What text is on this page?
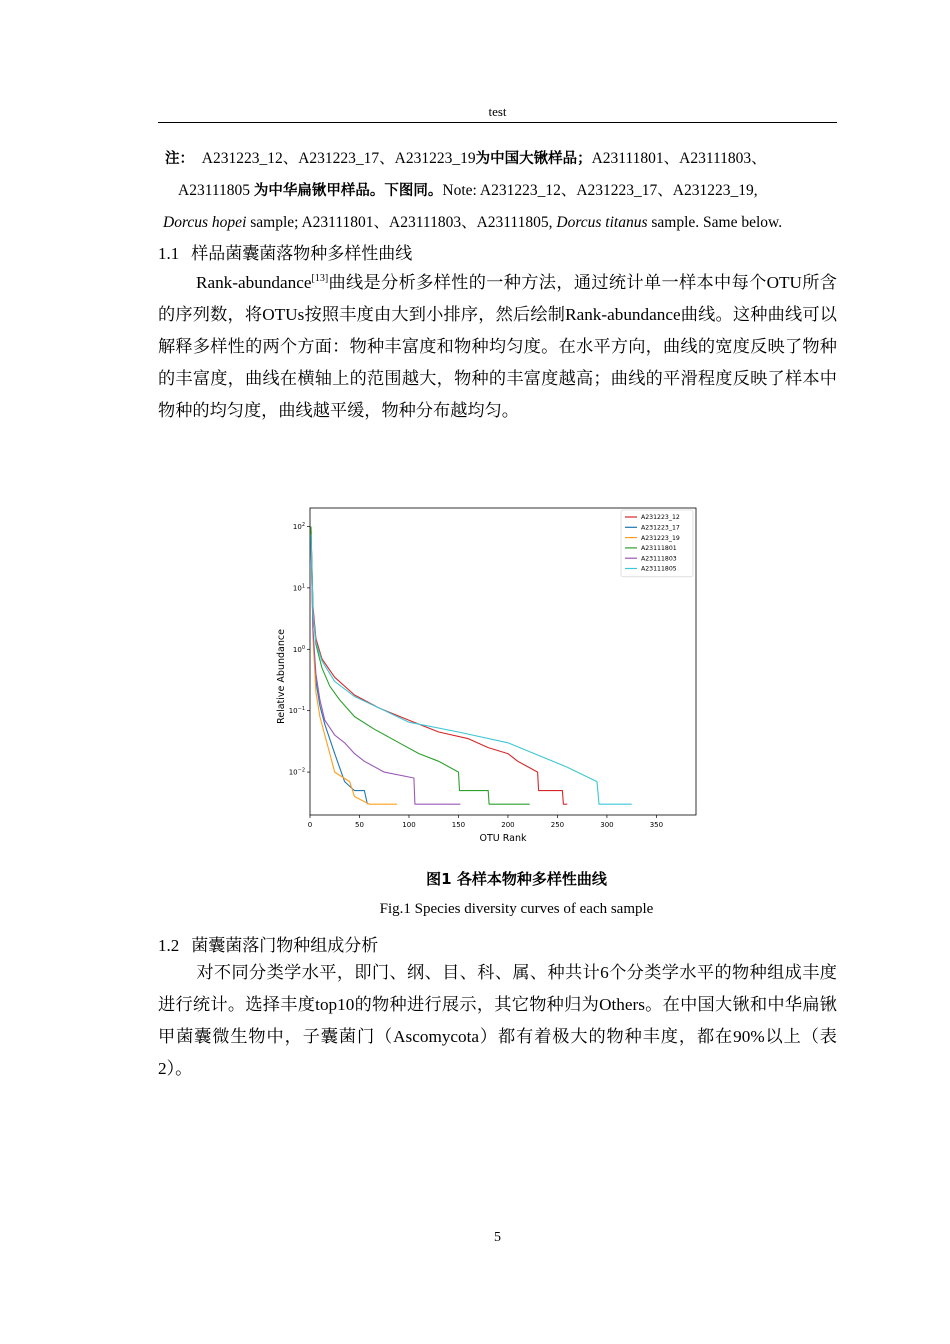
test
注： A231223_12、A231223_17、A231223_19为中国大锹样品；A23111801、A23111803、
A23111805 为中华扁锹甲样品。下图同。Note: A231223_12、A231223_17、A231223_19,
Dorcus hopei sample; A23111801、A23111803、A23111805, Dorcus titanus sample. Same below.
1.1 样品菌囊菌落物种多样性曲线
Rank-abundance[13]曲线是分析多样性的一种方法，通过统计单一样本中每个OTU所含的序列数，将OTUs按照丰度由大到小排序，然后绘制Rank-abundance曲线。这种曲线可以解释多样性的两个方面：物种丰富度和物种均匀度。在水平方向，曲线的宽度反映了物种的丰富度，曲线在横轴上的范围越大，物种的丰富度越高；曲线的平滑程度反映了样本中物种的均匀度，曲线越平缓，物种分布越均匀。
0	50	100	150	200	250	300	350
$10^2$
$10^1$
$10^0$
$10^{-1}$
$10^{-2}$
OTU Rank
Relative Abundance
A231223_12
A231223_17
A231223_19
A23111801
A23111803
A23111805
图1 各样本物种多样性曲线
Fig.1 Species diversity curves of each sample
1.2 菌囊菌落门物种组成分析
对不同分类学水平，即门、纲、目、科、属、种共计6个分类学水平的物种组成丰度进行统计。选择丰度top10的物种进行展示，其它物种归为Others。在中国大锹和中华扁锹甲菌囊微生物中，子囊菌门（Ascomycota）都有着极大的物种丰度，都在90%以上（表2）。
5
